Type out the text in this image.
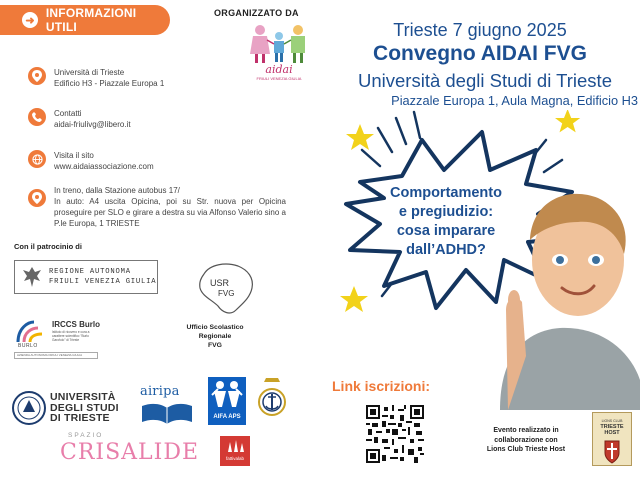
➜
INFORMAZIONI UTILI
ORGANIZZATO DA
aidai
FRIULI VENEZIA GIULIA
Università di Trieste
Edificio H3 - Piazzale Europa 1
Contatti
aidai-friulivg@libero.it
Visita il sito
www.aidaiassociazione.com
In treno, dalla Stazione autobus 17/
In auto: A4 uscita Opicina, poi su Str. nuova per Opicina proseguire per SLO e girare a destra su via Alfonso Valerio sino a P.le Europa, 1 TRIESTE
Con il patrocinio di
REGIONE AUTONOMA
FRIULI VENEZIA GIULIA	USR
FVG
Ufficio Scolastico
Regionale
FVG
BURLO
IRCCS Burlo
Istituto di ricovero e cura a carattere scientifico "Burlo Garofolo" di Trieste
AZIENDA AUTONOMA FRIULI VENEZIA GIULIA
UNIVERSITÀ
DEGLI STUDI
DI TRIESTE
airipa
AIFA APS
SPAZIO
CRISALIDE	fattivalab
Trieste 7 giugno 2025
Convegno AIDAI FVG
Università degli Studi di Trieste
Piazzale Europa 1, Aula Magna, Edificio H3
Comportamento
e pregiudizio:
cosa imparare
dall’ADHD?
Link iscrizioni:
Evento realizzato in
collaborazione con
Lions Club Trieste Host
LIONS CLUB
TRIESTE
HOST
